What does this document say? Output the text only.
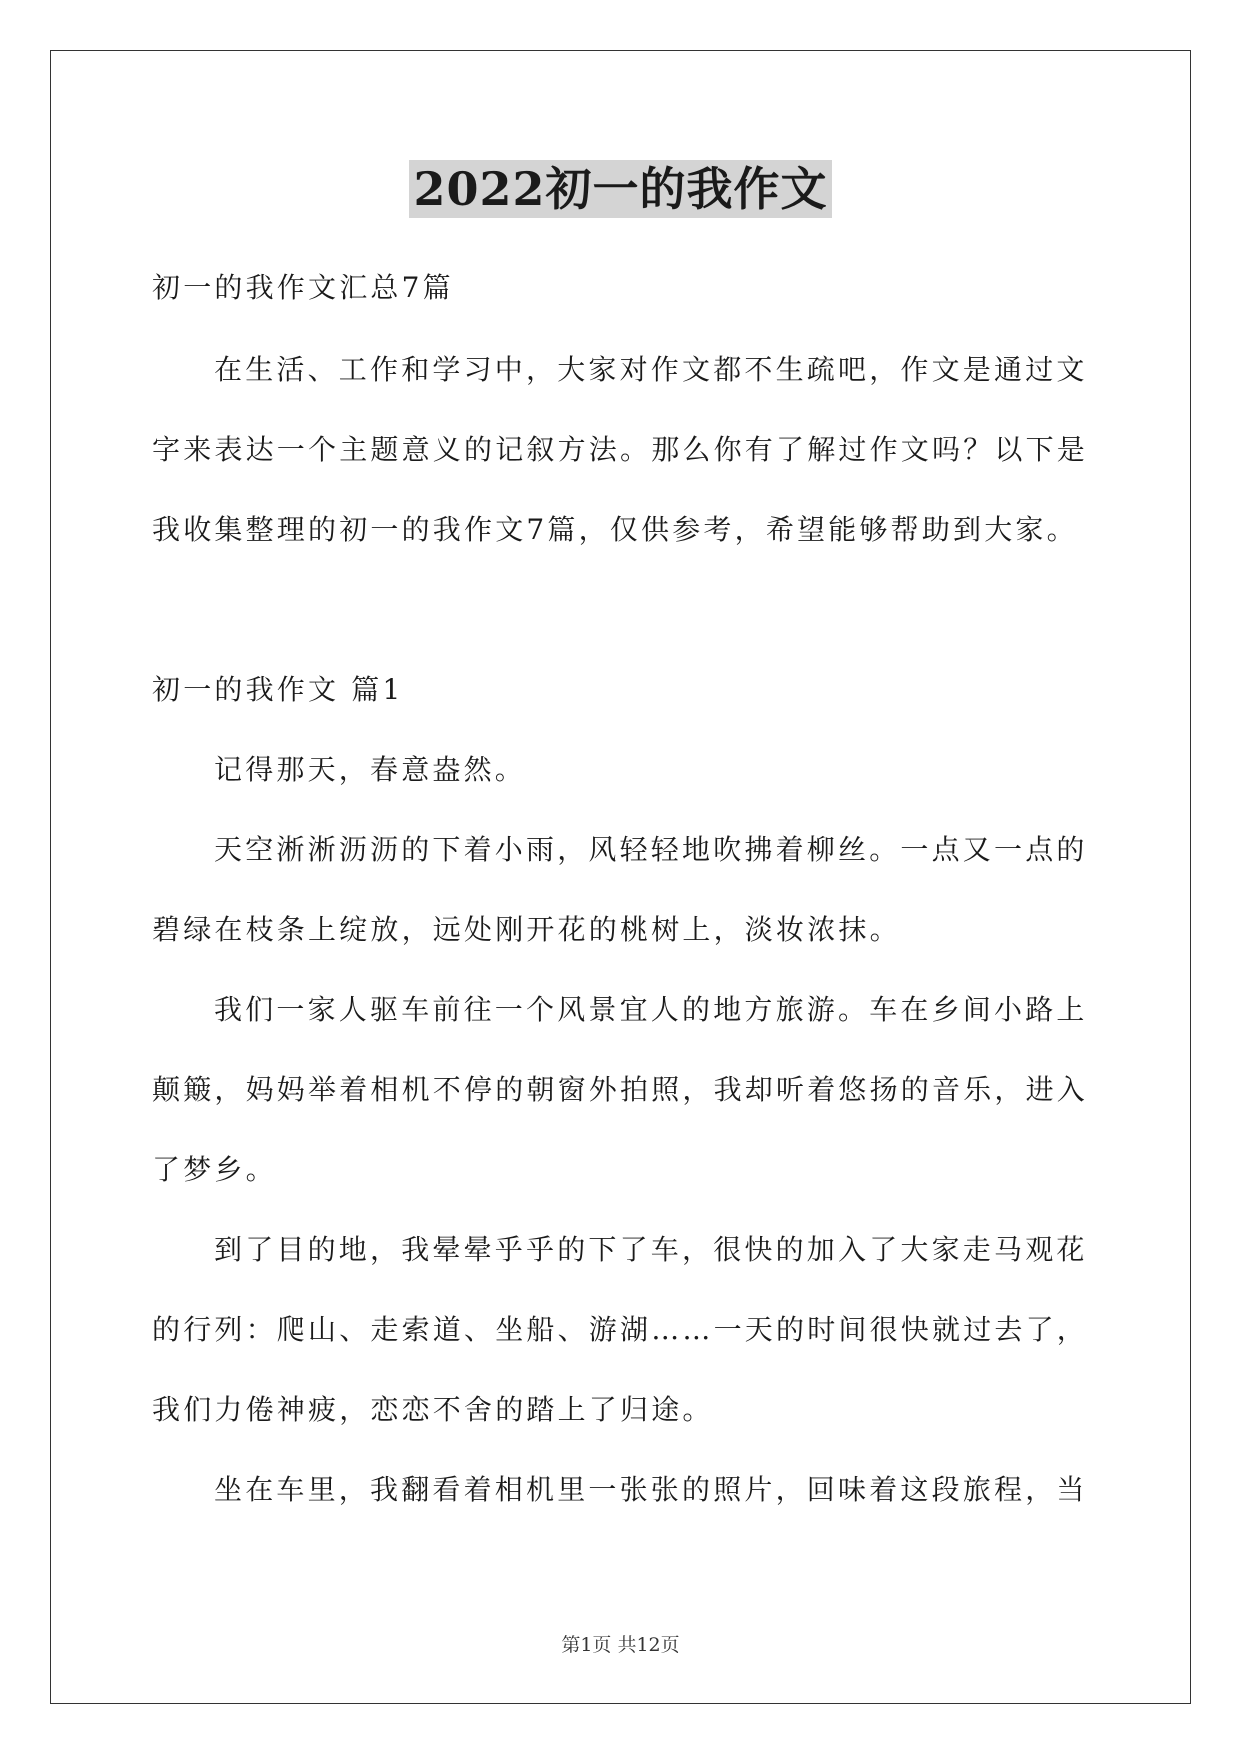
2022初一的我作文
初一的我作文汇总7篇
在生活、工作和学习中，大家对作文都不生疏吧，作文是通过文
字来表达一个主题意义的记叙方法。那么你有了解过作文吗？以下是
我收集整理的初一的我作文7篇，仅供参考，希望能够帮助到大家。
初一的我作文 篇1
记得那天，春意盎然。
天空淅淅沥沥的下着小雨，风轻轻地吹拂着柳丝。一点又一点的
碧绿在枝条上绽放，远处刚开花的桃树上，淡妆浓抹。
我们一家人驱车前往一个风景宜人的地方旅游。车在乡间小路上
颠簸，妈妈举着相机不停的朝窗外拍照，我却听着悠扬的音乐，进入
了梦乡。
到了目的地，我晕晕乎乎的下了车，很快的加入了大家走马观花
的行列：爬山、走索道、坐船、游湖……一天的时间很快就过去了，
我们力倦神疲，恋恋不舍的踏上了归途。
坐在车里，我翻看着相机里一张张的照片，回味着这段旅程，当
第1页 共12页
